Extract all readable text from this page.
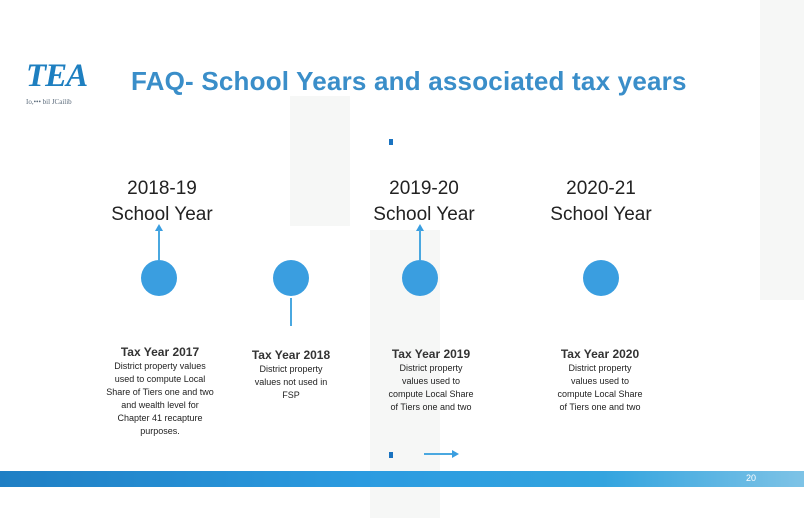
TEA
Io,••• bil JCailib
FAQ- School Years and associated tax years
2018-19
School Year
2019-20
School Year
2020-21
School Year
Tax Year 2017
District property values
used to compute Local
Share of Tiers one and two
and wealth level for
Chapter 41 recapture
purposes.
Tax Year 2018
District property
values not used in
FSP
Tax Year 2019
District property
values used to
compute Local Share
of Tiers one and two
Tax Year 2020
District property
values used to
compute Local Share
of Tiers one and two
20
